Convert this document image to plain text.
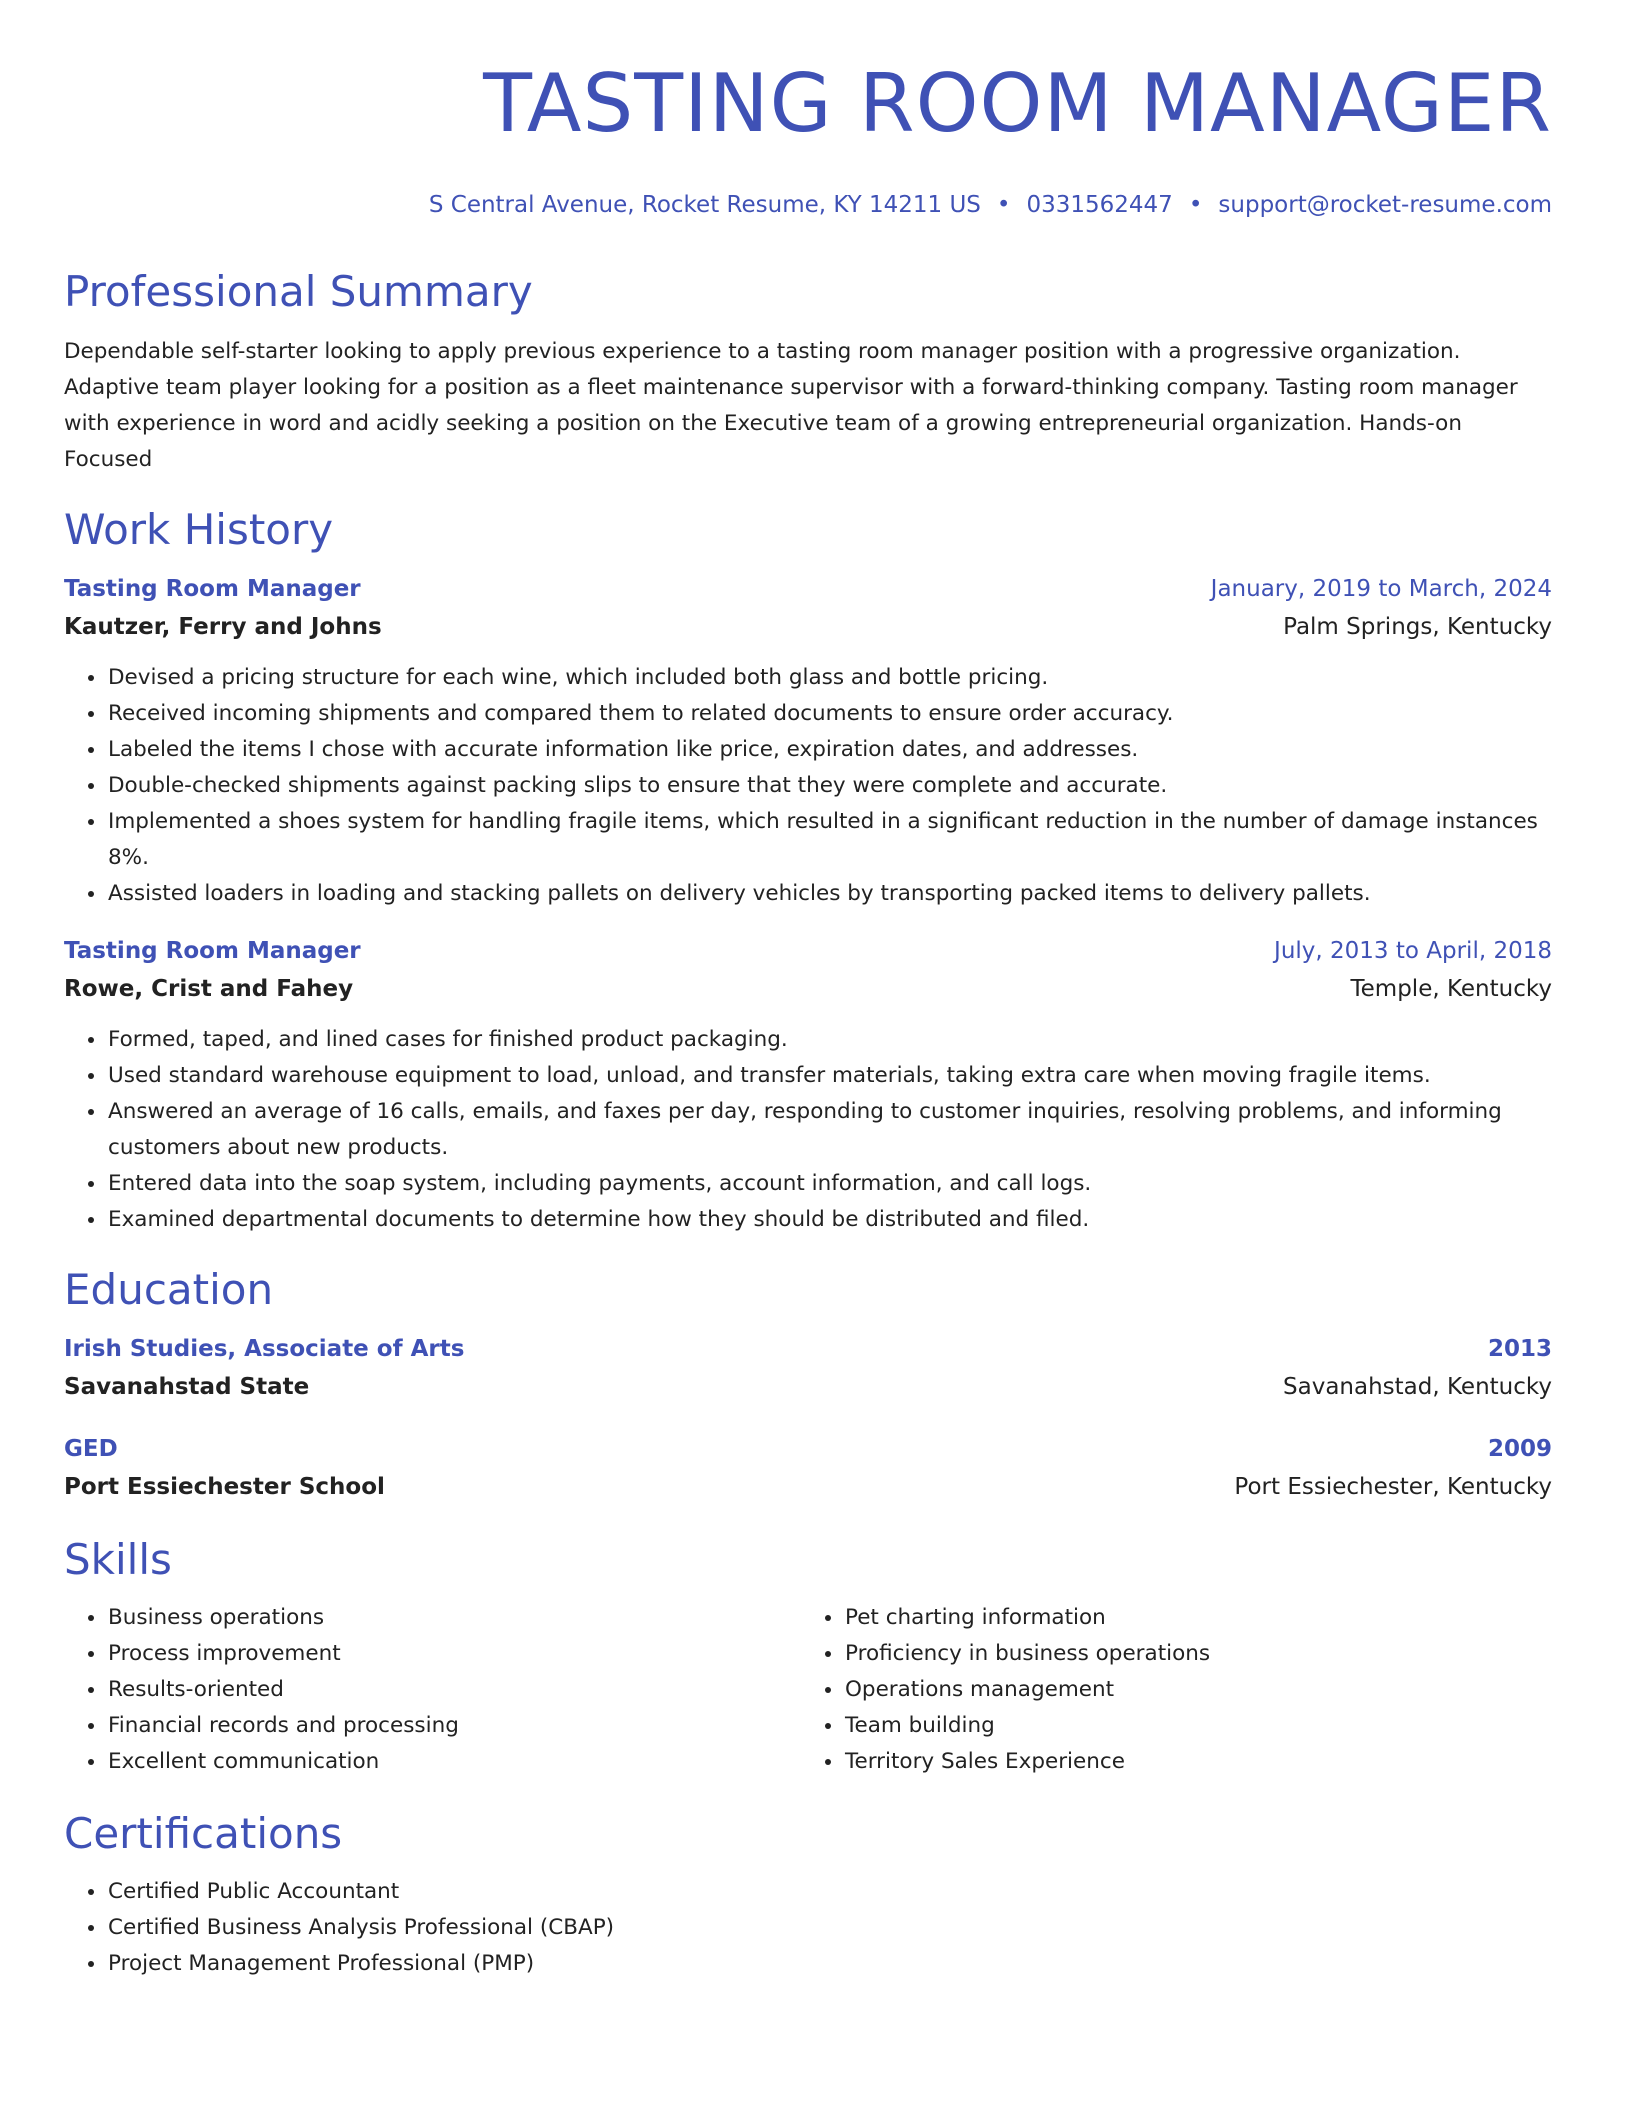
TASTING ROOM MANAGER
S Central Avenue, Rocket Resume, KY 14211 US • 0331562447 • support@rocket-resume.com
Professional Summary
Dependable self-starter looking to apply previous experience to a tasting room manager position with a progressive organization. Adaptive team player looking for a position as a fleet maintenance supervisor with a forward-thinking company. Tasting room manager with experience in word and acidly seeking a position on the Executive team of a growing entrepreneurial organization. Hands-on Focused
Work History
Tasting Room Manager	January, 2019 to March, 2024
Kautzer, Ferry and Johns	Palm Springs, Kentucky
• Devised a pricing structure for each wine, which included both glass and bottle pricing.
• Received incoming shipments and compared them to related documents to ensure order accuracy.
• Labeled the items I chose with accurate information like price, expiration dates, and addresses.
• Double-checked shipments against packing slips to ensure that they were complete and accurate.
• Implemented a shoes system for handling fragile items, which resulted in a significant reduction in the number of damage instances 8%.
• Assisted loaders in loading and stacking pallets on delivery vehicles by transporting packed items to delivery pallets.
Tasting Room Manager	July, 2013 to April, 2018
Rowe, Crist and Fahey	Temple, Kentucky
• Formed, taped, and lined cases for finished product packaging.
• Used standard warehouse equipment to load, unload, and transfer materials, taking extra care when moving fragile items.
• Answered an average of 16 calls, emails, and faxes per day, responding to customer inquiries, resolving problems, and informing customers about new products.
• Entered data into the soap system, including payments, account information, and call logs.
• Examined departmental documents to determine how they should be distributed and filed.
Education
Irish Studies, Associate of Arts	2013
Savanahstad State	Savanahstad, Kentucky
GED	2009
Port Essiechester School	Port Essiechester, Kentucky
Skills
• Business operations
• Process improvement
• Results-oriented
• Financial records and processing
• Excellent communication
• Pet charting information
• Proficiency in business operations
• Operations management
• Team building
• Territory Sales Experience
Certifications
• Certified Public Accountant
• Certified Business Analysis Professional (CBAP)
• Project Management Professional (PMP)
